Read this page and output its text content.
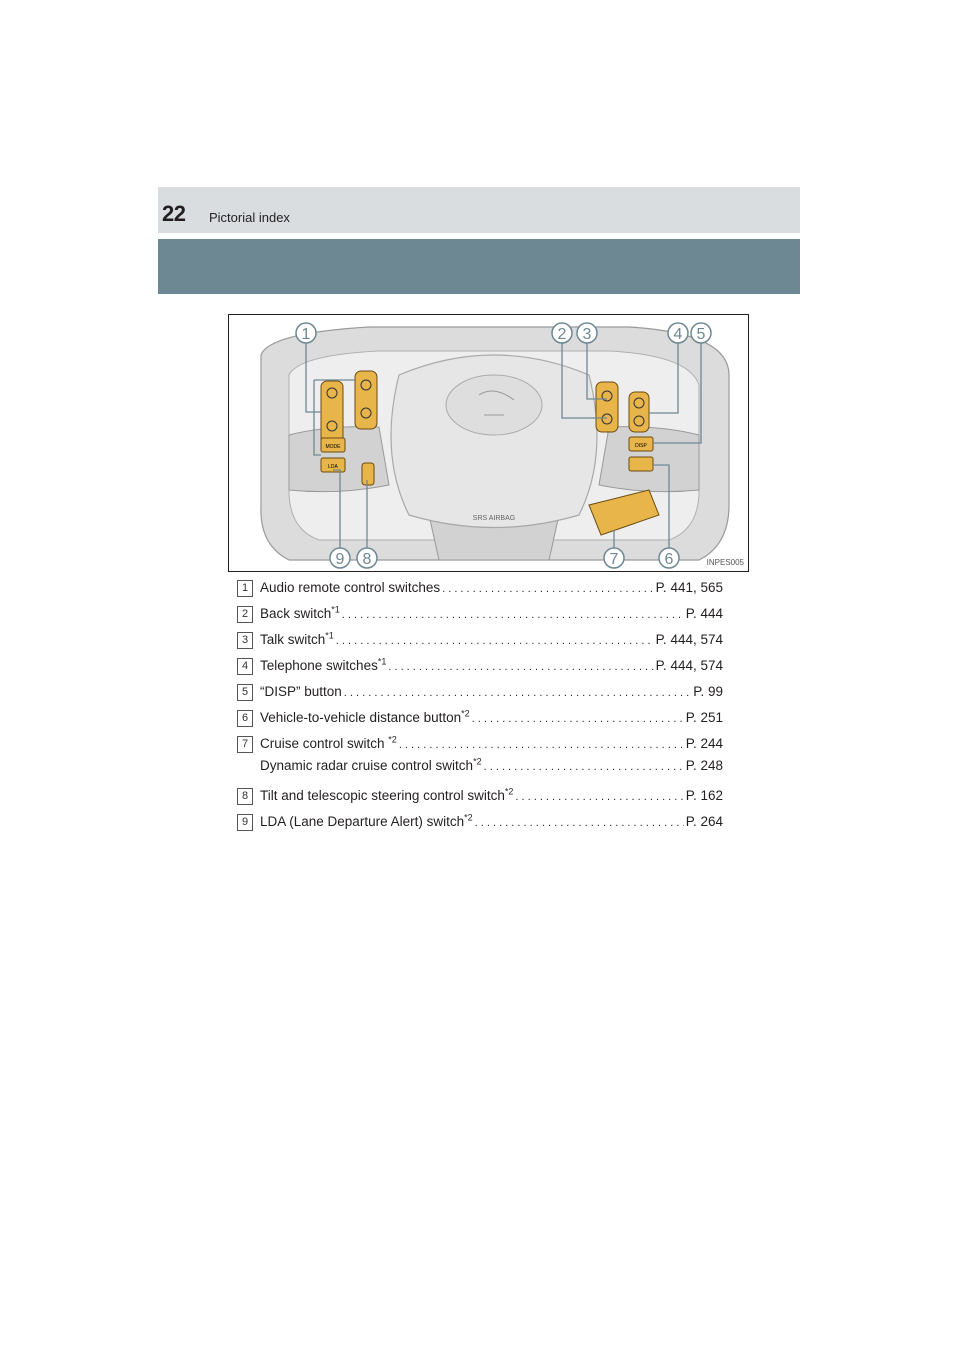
22 Pictorial index
SRS AIRBAG
MODE
LDA
DISP
1	2 3	4 5
6
7
8
9	INPES005
1 Audio remote control switches . . .	P. 441, 565
2 Back switch$^{*1}$ . . .	P. 444
3 Talk switch$^{*1}$ . . .	P. 444, 574
4 Telephone switches$^{*1}$ . . .	P. 444, 574
5 “DISP” button . . .	P. 99
6 Vehicle-to-vehicle distance button$^{*2}$ . . .	P. 251
7 Cruise control switch $^{*2}$ . . .	P. 244
Dynamic radar cruise control switch$^{*2}$ . . .	P. 248
8 Tilt and telescopic steering control switch$^{*2}$ . . .	P. 162
9 LDA (Lane Departure Alert) switch$^{*2}$ . . .	P. 264
